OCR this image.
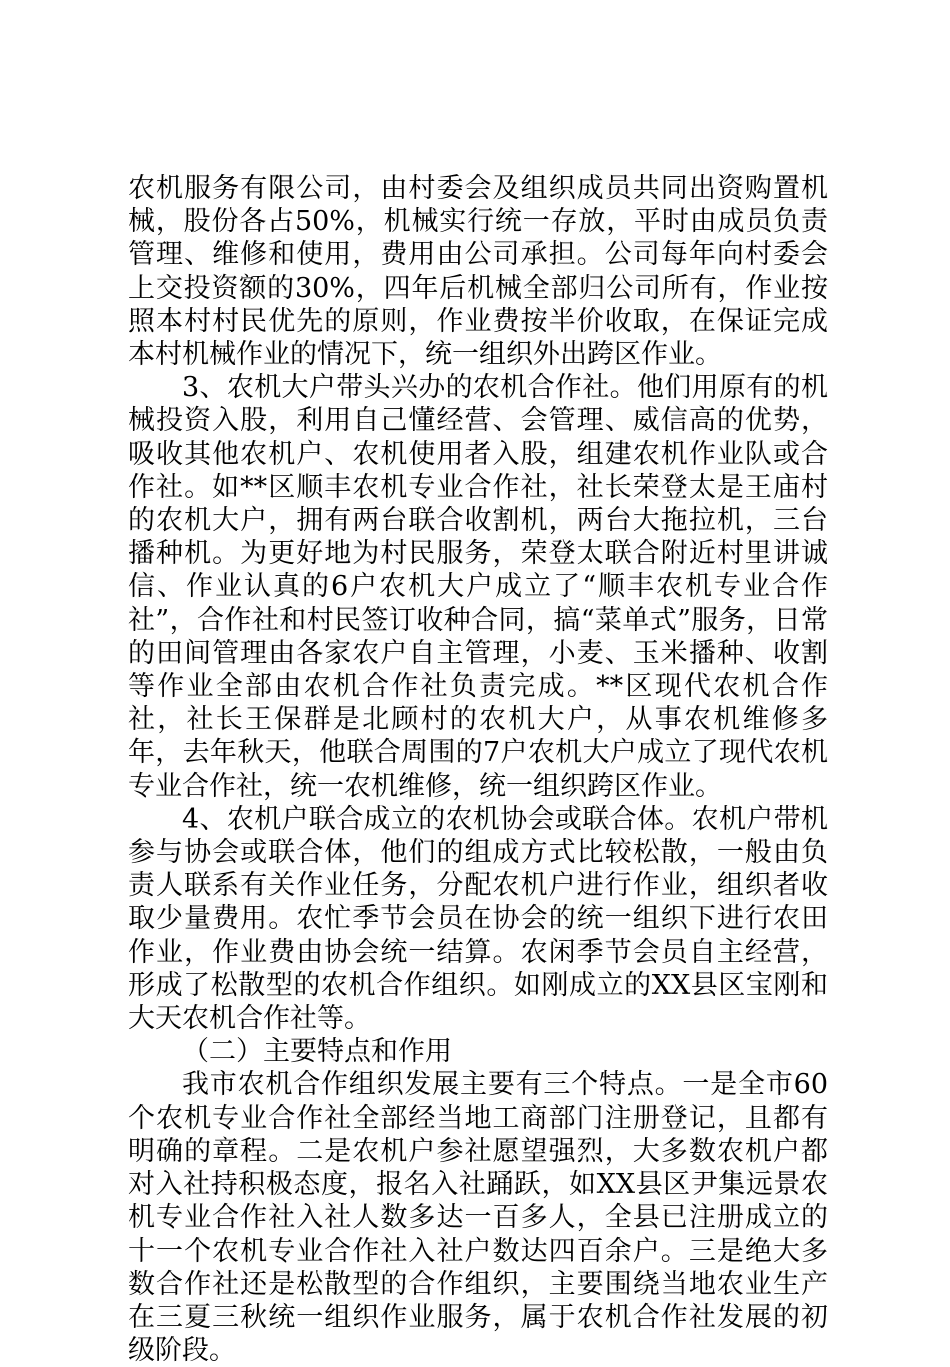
农机服务有限公司，由村委会及组织成员共同出资购置机械，股份各占50%，机械实行统一存放，平时由成员负责管理、维修和使用，费用由公司承担。公司每年向村委会上交投资额的30%，四年后机械全部归公司所有，作业按照本村村民优先的原则，作业费按半价收取，在保证完成本村机械作业的情况下，统一组织外出跨区作业。

3、农机大户带头兴办的农机合作社。他们用原有的机械投资入股，利用自己懂经营、会管理、威信高的优势，吸收其他农机户、农机使用者入股，组建农机作业队或合作社。如**区顺丰农机专业合作社，社长荣登太是王庙村的农机大户，拥有两台联合收割机，两台大拖拉机，三台播种机。为更好地为村民服务，荣登太联合附近村里讲诚信、作业认真的6户农机大户成立了“顺丰农机专业合作社”，合作社和村民签订收种合同，搞“菜单式”服务，日常的田间管理由各家农户自主管理，小麦、玉米播种、收割等作业全部由农机合作社负责完成。**区现代农机合作社，社长王保群是北顾村的农机大户，从事农机维修多年，去年秋天，他联合周围的7户农机大户成立了现代农机专业合作社，统一农机维修，统一组织跨区作业。

4、农机户联合成立的农机协会或联合体。农机户带机参与协会或联合体，他们的组成方式比较松散，一般由负责人联系有关作业任务，分配农机户进行作业，组织者收取少量费用。农忙季节会员在协会的统一组织下进行农田作业，作业费由协会统一结算。农闲季节会员自主经营，形成了松散型的农机合作组织。如刚成立的XX县区宝刚和大天农机合作社等。

（二）主要特点和作用

我市农机合作组织发展主要有三个特点。一是全市60个农机专业合作社全部经当地工商部门注册登记，且都有明确的章程。二是农机户参社愿望强烈，大多数农机户都对入社持积极态度，报名入社踊跃，如XX县区尹集远景农机专业合作社入社人数多达一百多人，全县已注册成立的十一个农机专业合作社入社户数达四百余户。三是绝大多数合作社还是松散型的合作组织，主要围绕当地农业生产在三夏三秋统一组织作业服务，属于农机合作社发展的初级阶段。
